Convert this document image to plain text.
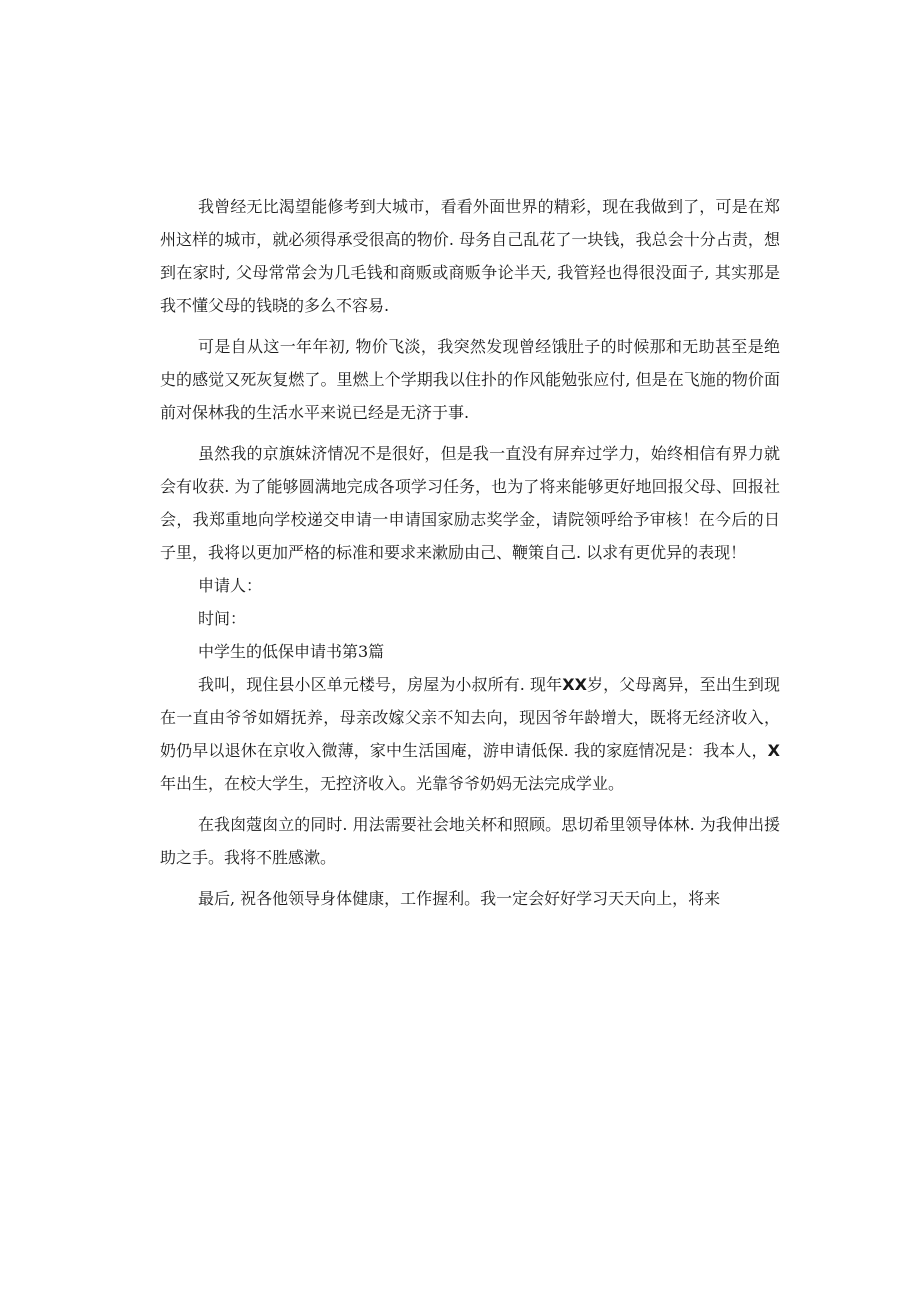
我曾经无比渴望能修考到大城市，看看外面世界的精彩，现在我做到了，可是在郑州这样的城市，就必须得承受很高的物价. 母务自己乱花了一块钱，我总会十分占责，想到在家时, 父母常常会为几毛钱和商贩或商贩争论半天, 我管羟也得很没面子, 其实那是我不懂父母的钱晓的多么不容易.

可是自从这一年年初, 物价飞淡，我突然发现曾经饿肚子的时候那和无助甚至是绝史的感觉又死灰复燃了。里燃上个学期我以住扑的作风能勉张应付, 但是在飞施的物价面前对保林我的生活水平来说已经是无济于事.

虽然我的京旗妹济情况不是很好，但是我一直没有屏弃过学力，始终相信有界力就会有收获. 为了能够圆满地完成各项学习任务，也为了将来能够更好地回报父母、回报社会，我郑重地向学校递交申请一申请国家励志奖学金，请院领呼给予审核！在今后的日子里，我将以更加严格的标准和要求来漱励由己、鞭策自己. 以求有更优异的表现！

申请人：

时间：

中学生的低保申请书第3篇

我叫，现住县小区单元楼号，房屋为小叔所有. 现年XX岁，父母离异，至出生到现在一直由爷爷如婿抚养，母亲改嫁父亲不知去向，现因爷年龄增大，既将无经济收入，奶仍早以退休在京收入微薄，家中生活国庵，游申请低保. 我的家庭情况是：我本人，X年出生，在校大学生，无控济收入。光靠爷爷奶妈无法完成学业。

在我囱蔻囱立的同时. 用法需要社会地关杯和照顾。思切希里领导体林. 为我伸出援助之手。我将不胜感漱。

最后, 祝各他领导身体健康，工作握利。我一定会好好学习天天向上，将来
